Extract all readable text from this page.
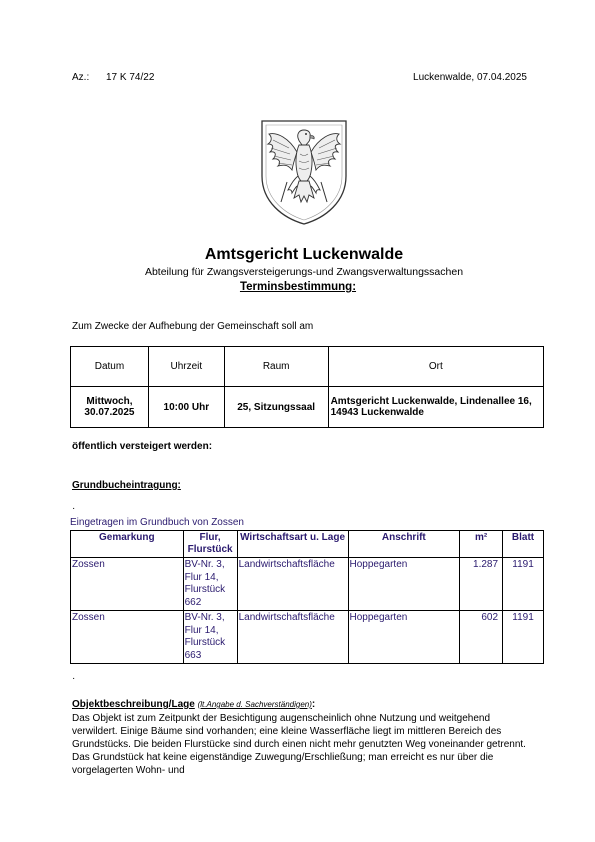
Az.: 17 K 74/22	Luckenwalde, 07.04.2025
Amtsgericht Luckenwalde
Abteilung für Zwangsversteigerungs-und Zwangsverwaltungssachen
Terminsbestimmung:
Zum Zwecke der Aufhebung der Gemeinschaft soll am
Datum	Uhrzeit	Raum	Ort
Mittwoch,
30.07.2025	10:00 Uhr	25, Sitzungssaal	Amtsgericht Luckenwalde, Lindenallee 16, 14943 Luckenwalde
öffentlich versteigert werden:
Grundbucheintragung:
·
Eingetragen im Grundbuch von Zossen
Gemarkung	Flur, Flurstück	Wirtschaftsart u. Lage	Anschrift	m²	Blatt
Zossen	BV-Nr. 3, Flur 14, Flurstück 662	Landwirtschaftsfläche	Hoppegarten	1.287	1191
Zossen	BV-Nr. 3, Flur 14, Flurstück 663	Landwirtschaftsfläche	Hoppegarten	602	1191
·
Objektbeschreibung/Lage (lt.Angabe d. Sachverständigen):
Das Objekt ist zum Zeitpunkt der Besichtigung augenscheinlich ohne Nutzung und weitgehend verwildert. Einige Bäume sind vorhanden; eine kleine Wasserfläche liegt im mittleren Bereich des Grundstücks. Die beiden Flurstücke sind durch einen nicht mehr genutzten Weg voneinander getrennt. Das Grundstück hat keine eigenständige Zuwegung/Erschließung; man erreicht es nur über die vorgelagerten Wohn- und
